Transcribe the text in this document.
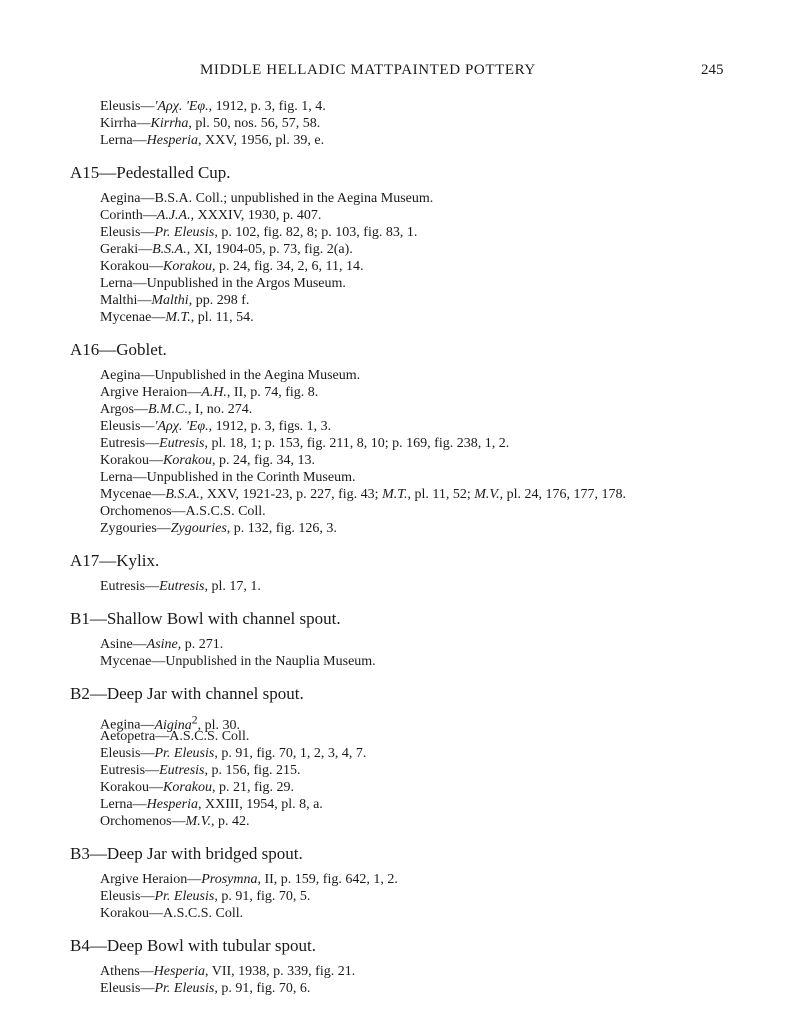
MIDDLE HELLADIC MATTPAINTED POTTERY	245
Eleusis—'Αρχ. 'Εφ., 1912, p. 3, fig. 1, 4.
Kirrha—Kirrha, pl. 50, nos. 56, 57, 58.
Lerna—Hesperia, XXV, 1956, pl. 39, e.
A15—Pedestalled Cup.
Aegina—B.S.A. Coll.; unpublished in the Aegina Museum.
Corinth—A.J.A., XXXIV, 1930, p. 407.
Eleusis—Pr. Eleusis, p. 102, fig. 82, 8; p. 103, fig. 83, 1.
Geraki—B.S.A., XI, 1904-05, p. 73, fig. 2(a).
Korakou—Korakou, p. 24, fig. 34, 2, 6, 11, 14.
Lerna—Unpublished in the Argos Museum.
Malthi—Malthi, pp. 298 f.
Mycenae—M.T., pl. 11, 54.
A16—Goblet.
Aegina—Unpublished in the Aegina Museum.
Argive Heraion—A.H., II, p. 74, fig. 8.
Argos—B.M.C., I, no. 274.
Eleusis—'Αρχ. 'Εφ., 1912, p. 3, figs. 1, 3.
Eutresis—Eutresis, pl. 18, 1; p. 153, fig. 211, 8, 10; p. 169, fig. 238, 1, 2.
Korakou—Korakou, p. 24, fig. 34, 13.
Lerna—Unpublished in the Corinth Museum.
Mycenae—B.S.A., XXV, 1921-23, p. 227, fig. 43; M.T., pl. 11, 52; M.V., pl. 24, 176, 177, 178.
Orchomenos—A.S.C.S. Coll.
Zygouries—Zygouries, p. 132, fig. 126, 3.
A17—Kylix.
Eutresis—Eutresis, pl. 17, 1.
B1—Shallow Bowl with channel spout.
Asine—Asine, p. 271.
Mycenae—Unpublished in the Nauplia Museum.
B2—Deep Jar with channel spout.
Aegina—Aigina$^2$, pl. 30.
Aetopetra—A.S.C.S. Coll.
Eleusis—Pr. Eleusis, p. 91, fig. 70, 1, 2, 3, 4, 7.
Eutresis—Eutresis, p. 156, fig. 215.
Korakou—Korakou, p. 21, fig. 29.
Lerna—Hesperia, XXIII, 1954, pl. 8, a.
Orchomenos—M.V., p. 42.
B3—Deep Jar with bridged spout.
Argive Heraion—Prosymna, II, p. 159, fig. 642, 1, 2.
Eleusis—Pr. Eleusis, p. 91, fig. 70, 5.
Korakou—A.S.C.S. Coll.
B4—Deep Bowl with tubular spout.
Athens—Hesperia, VII, 1938, p. 339, fig. 21.
Eleusis—Pr. Eleusis, p. 91, fig. 70, 6.
